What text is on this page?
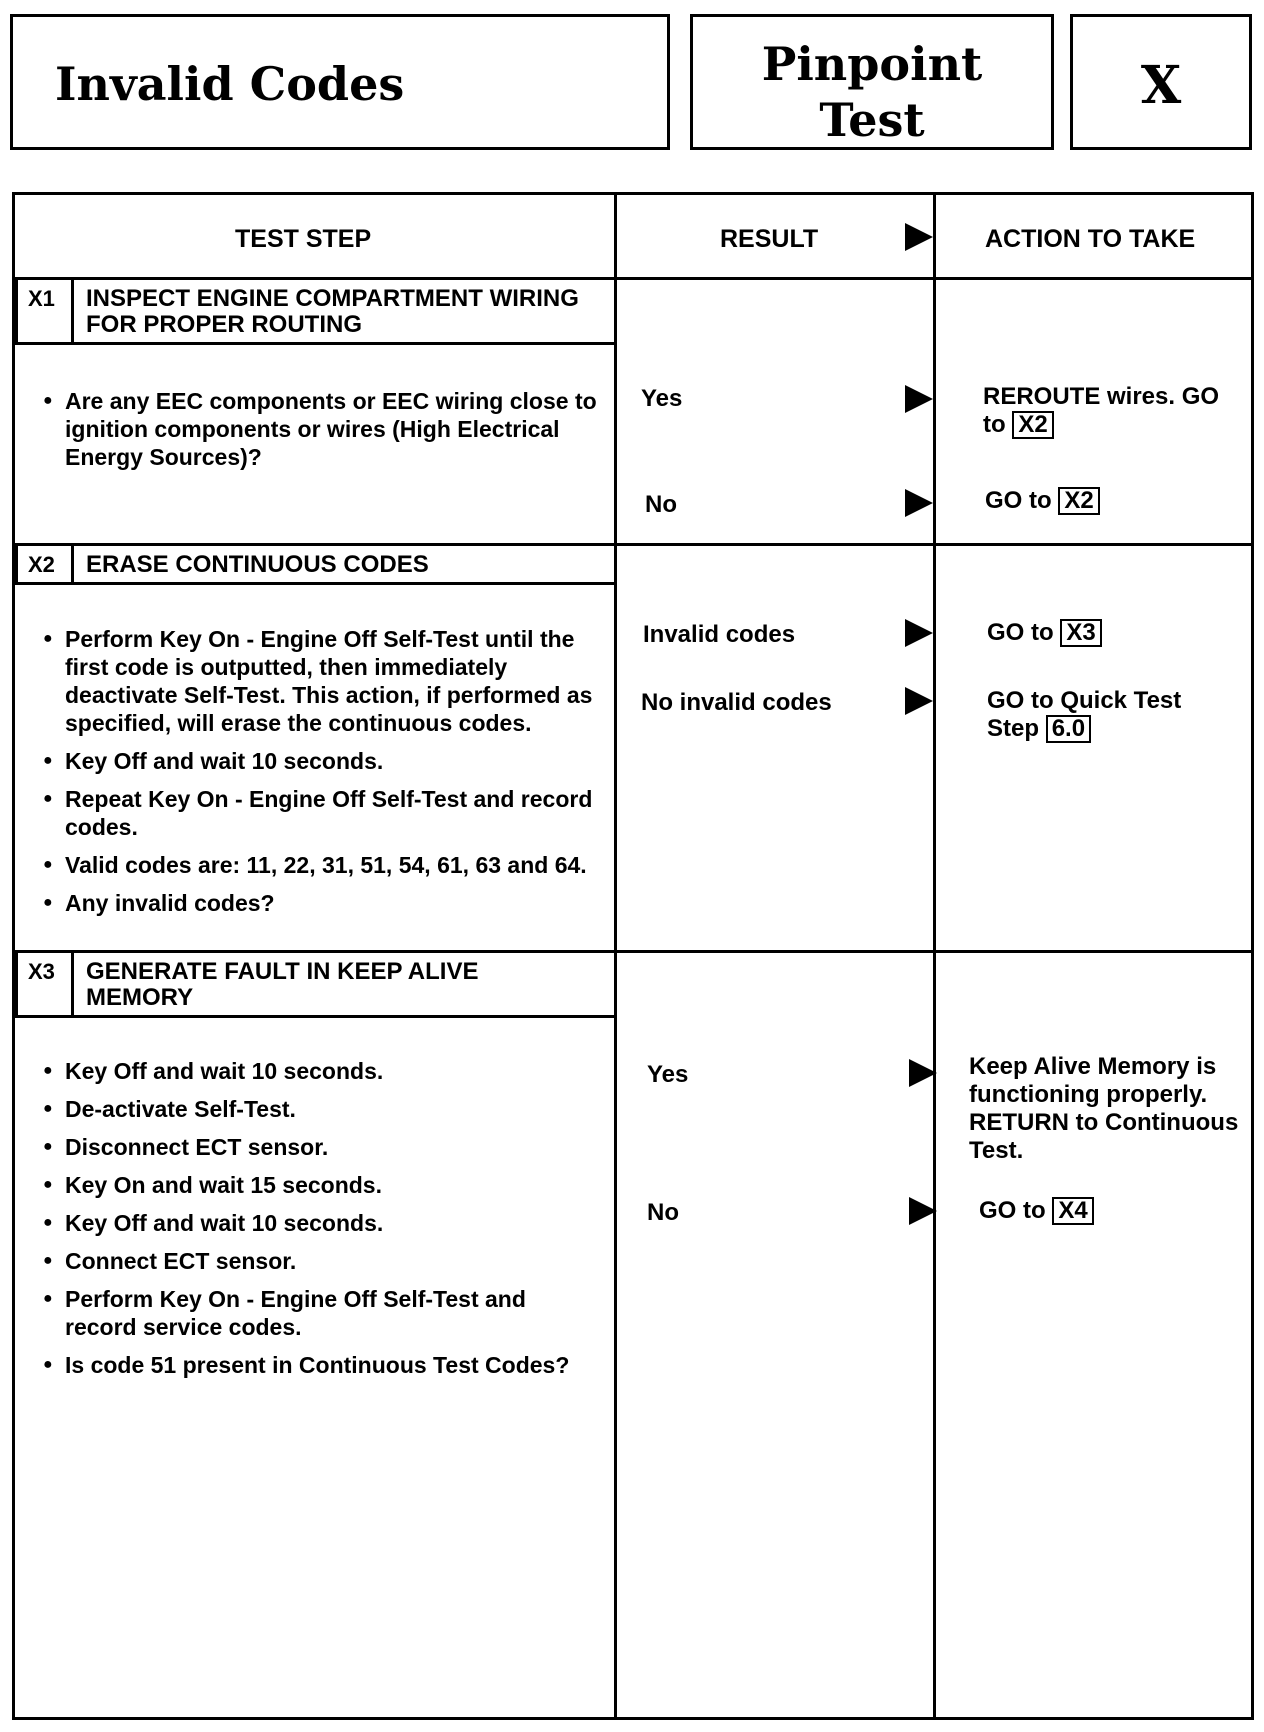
Invalid Codes	Pinpoint
Test
X
TEST STEP	RESULT	ACTION TO TAKE
X1	INSPECT ENGINE COMPARTMENT WIRING
FOR PROPER ROUTING
● Are any EEC components or EEC wiring close to ignition components or wires (High Electrical Energy Sources)?
Yes	REROUTE wires. GO to X2
No	GO to X2
X2	ERASE CONTINUOUS CODES
● Perform Key On - Engine Off Self-Test until the first code is outputted, then immediately deactivate Self-Test. This action, if performed as specified, will erase the continuous codes.
● Key Off and wait 10 seconds.
● Repeat Key On - Engine Off Self-Test and record codes.
● Valid codes are: 11, 22, 31, 51, 54, 61, 63 and 64.
● Any invalid codes?
Invalid codes	GO to X3
No invalid codes	GO to Quick Test Step 6.0
X3	GENERATE FAULT IN KEEP ALIVE
MEMORY
● Key Off and wait 10 seconds.
● De-activate Self-Test.
● Disconnect ECT sensor.
● Key On and wait 15 seconds.
● Key Off and wait 10 seconds.
● Connect ECT sensor.
● Perform Key On - Engine Off Self-Test and record service codes.
● Is code 51 present in Continuous Test Codes?
Yes	Keep Alive Memory is functioning properly. RETURN to Continuous Test.
No	GO to X4
